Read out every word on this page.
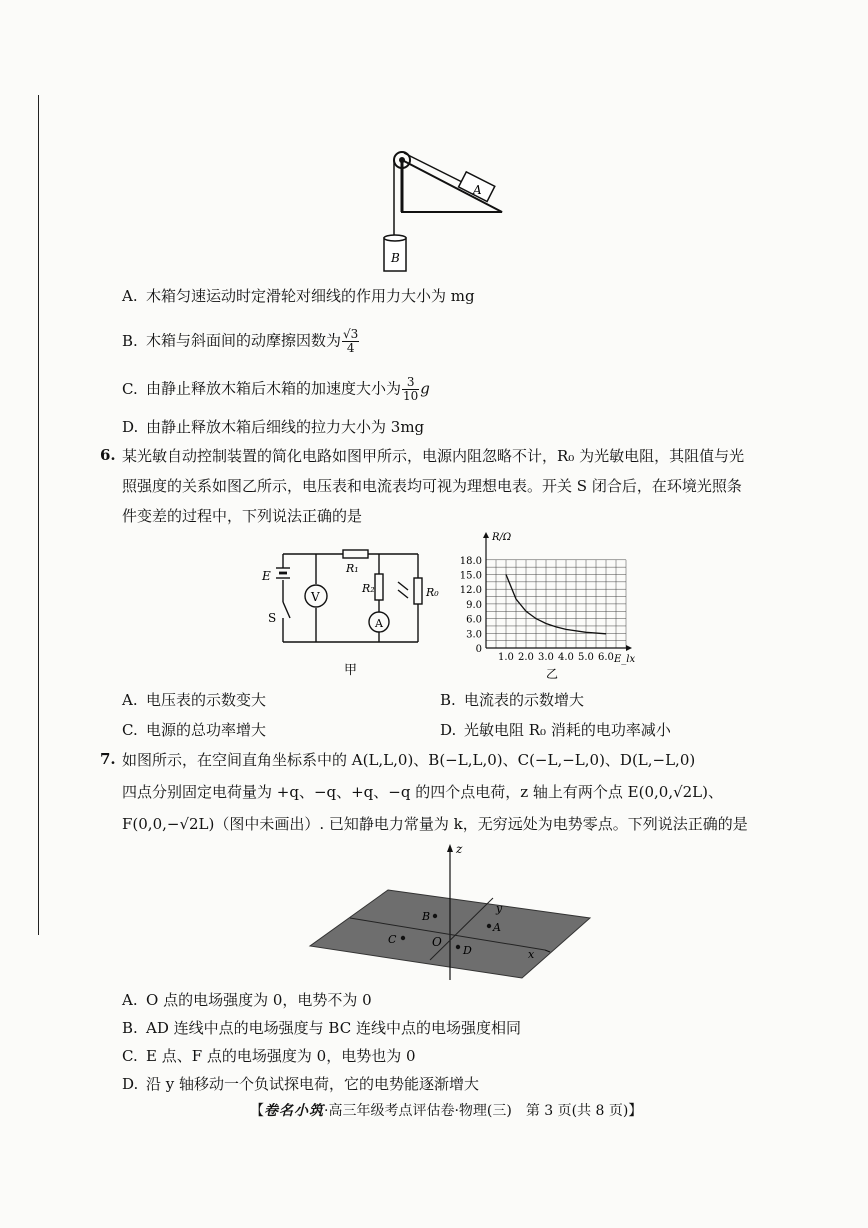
A
B
A. 木箱匀速运动时定滑轮对细线的作用力大小为 mg
B. 木箱与斜面间的动摩擦因数为 $\frac{√3}{4}$
C. 由静止释放木箱后木箱的加速度大小为 $\frac{3}{10}$ g
D. 由静止释放木箱后细线的拉力大小为 3mg
6. 某光敏自动控制装置的简化电路如图甲所示，电源内阻忽略不计，R₀ 为光敏电阻，其阻值与光
照强度的关系如图乙所示，电压表和电流表均可视为理想电表。开关 S 闭合后，在环境光照条
件变差的过程中，下列说法正确的是
E
S
R₁
R₂	R₀
V
A
甲
1.0 2.0 3.0 4.0 5.0 6.0
0
3.0
6.0
9.0
12.0
15.0
18.0
R/Ω
E_lx
乙
A. 电压表的示数变大	B. 电流表的示数增大
C. 电源的总功率增大	D. 光敏电阻 R₀ 消耗的电功率减小
7. 如图所示，在空间直角坐标系中的 A(L,L,0)、B(−L,L,0)、C(−L,−L,0)、D(L,−L,0)
四点分别固定电荷量为 +q、−q、+q、−q 的四个点电荷，z 轴上有两个点 E(0,0,√2L)、
F(0,0,−√2L)（图中未画出）. 已知静电力常量为 k，无穷远处为电势零点。下列说法正确的是
z
y
x
O
A
B
C
D
A. O 点的电场强度为 0，电势不为 0
B. AD 连线中点的电场强度与 BC 连线中点的电场强度相同
C. E 点、F 点的电场强度为 0，电势也为 0
D. 沿 y 轴移动一个负试探电荷，它的电势能逐渐增大
【卷名小筑·高三年级考点评估卷·物理(三)　第 3 页(共 8 页)】
